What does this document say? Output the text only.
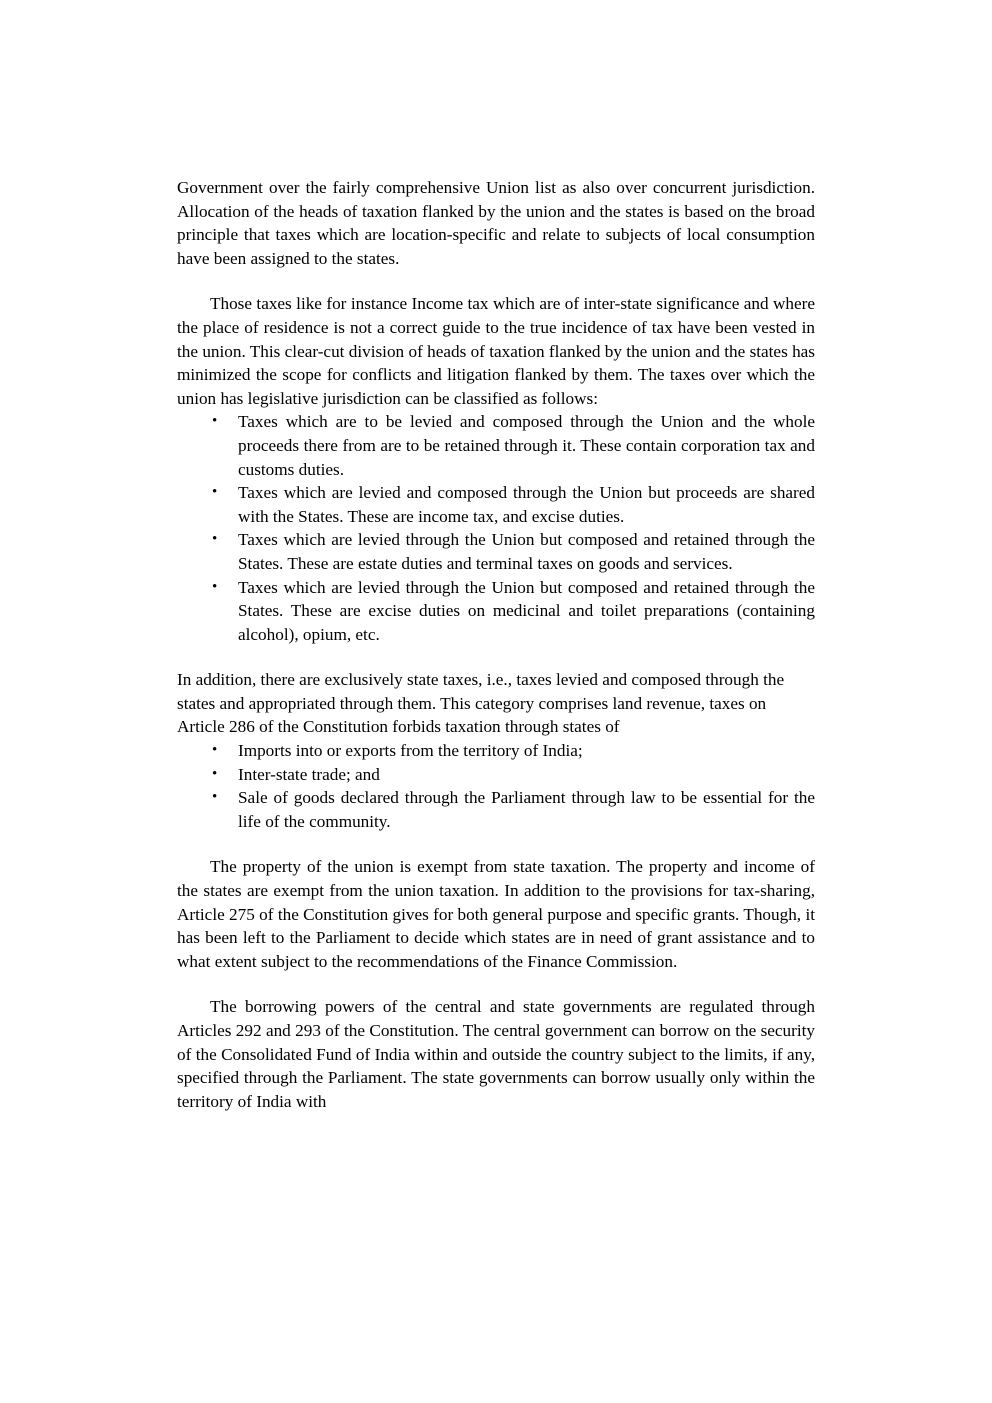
Government over the fairly comprehensive Union list as also over concurrent jurisdiction. Allocation of the heads of taxation flanked by the union and the states is based on the broad principle that taxes which are location-specific and relate to subjects of local consumption have been assigned to the states.

Those taxes like for instance Income tax which are of inter-state significance and where the place of residence is not a correct guide to the true incidence of tax have been vested in the union. This clear-cut division of heads of taxation flanked by the union and the states has minimized the scope for conflicts and litigation flanked by them. The taxes over which the union has legislative jurisdiction can be classified as follows:

• Taxes which are to be levied and composed through the Union and the whole proceeds there from are to be retained through it. These contain corporation tax and customs duties.
• Taxes which are levied and composed through the Union but proceeds are shared with the States. These are income tax, and excise duties.
• Taxes which are levied through the Union but composed and retained through the States. These are estate duties and terminal taxes on goods and services.
• Taxes which are levied through the Union but composed and retained through the States. These are excise duties on medicinal and toilet preparations (containing alcohol), opium, etc.

In addition, there are exclusively state taxes, i.e., taxes levied and composed through the states and appropriated through them. This category comprises land revenue, taxes on Article 286 of the Constitution forbids taxation through states of

• Imports into or exports from the territory of India;
• Inter-state trade; and
• Sale of goods declared through the Parliament through law to be essential for the life of the community.

The property of the union is exempt from state taxation. The property and income of the states are exempt from the union taxation. In addition to the provisions for tax-sharing, Article 275 of the Constitution gives for both general purpose and specific grants. Though, it has been left to the Parliament to decide which states are in need of grant assistance and to what extent subject to the recommendations of the Finance Commission.

The borrowing powers of the central and state governments are regulated through Articles 292 and 293 of the Constitution. The central government can borrow on the security of the Consolidated Fund of India within and outside the country subject to the limits, if any, specified through the Parliament. The state governments can borrow usually only within the territory of India with
